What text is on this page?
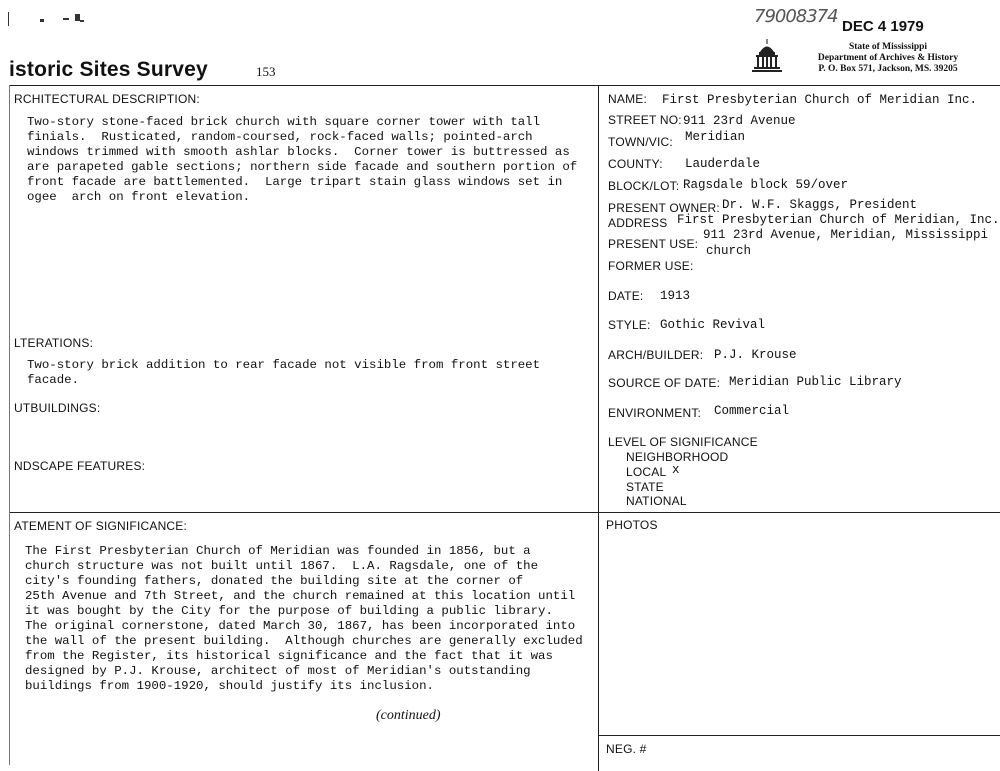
istoric Sites Survey	153
79008374 DEC 4 1979
State of Mississippi
Department of Archives & History
P. O. Box 571, Jackson, MS. 39205
RCHITECTURAL DESCRIPTION:
Two-story stone-faced brick church with square corner tower with tall
finials.  Rusticated, random-coursed, rock-faced walls; pointed-arch
windows trimmed with smooth ashlar blocks.  Corner tower is buttressed as
are parapeted gable sections; northern side facade and southern portion of
front facade are battlemented.  Large tripart stain glass windows set in
ogee  arch on front elevation.
LTERATIONS:
Two-story brick addition to rear facade not visible from front street
facade.
UTBUILDINGS:
NDSCAPE FEATURES:
ATEMENT OF SIGNIFICANCE:
The First Presbyterian Church of Meridian was founded in 1856, but a
church structure was not built until 1867.  L.A. Ragsdale, one of the
city's founding fathers, donated the building site at the corner of
25th Avenue and 7th Street, and the church remained at this location until
it was bought by the City for the purpose of building a public library.
The original cornerstone, dated March 30, 1867, has been incorporated into
the wall of the present building.  Although churches are generally excluded
from the Register, its historical significance and the fact that it was
designed by P.J. Krouse, architect of most of Meridian's outstanding
buildings from 1900-1920, should justify its inclusion.
(continued)
NAME: First Presbyterian Church of Meridian Inc.
STREET NO: 911 23rd Avenue
TOWN/VIC: Meridian
COUNTY: Lauderdale
BLOCK/LOT: Ragsdale block 59/over
PRESENT OWNER: Dr. W.F. Skaggs, President
ADDRESS First Presbyterian Church of Meridian, Inc.
911 23rd Avenue, Meridian, Mississippi
PRESENT USE: church
FORMER USE:
DATE: 1913
STYLE: Gothic Revival
ARCH/BUILDER: P.J. Krouse
SOURCE OF DATE: Meridian Public Library
ENVIRONMENT: Commercial
LEVEL OF SIGNIFICANCE
NEIGHBORHOOD
LOCAL x
STATE
NATIONAL
PHOTOS
NEG. #
